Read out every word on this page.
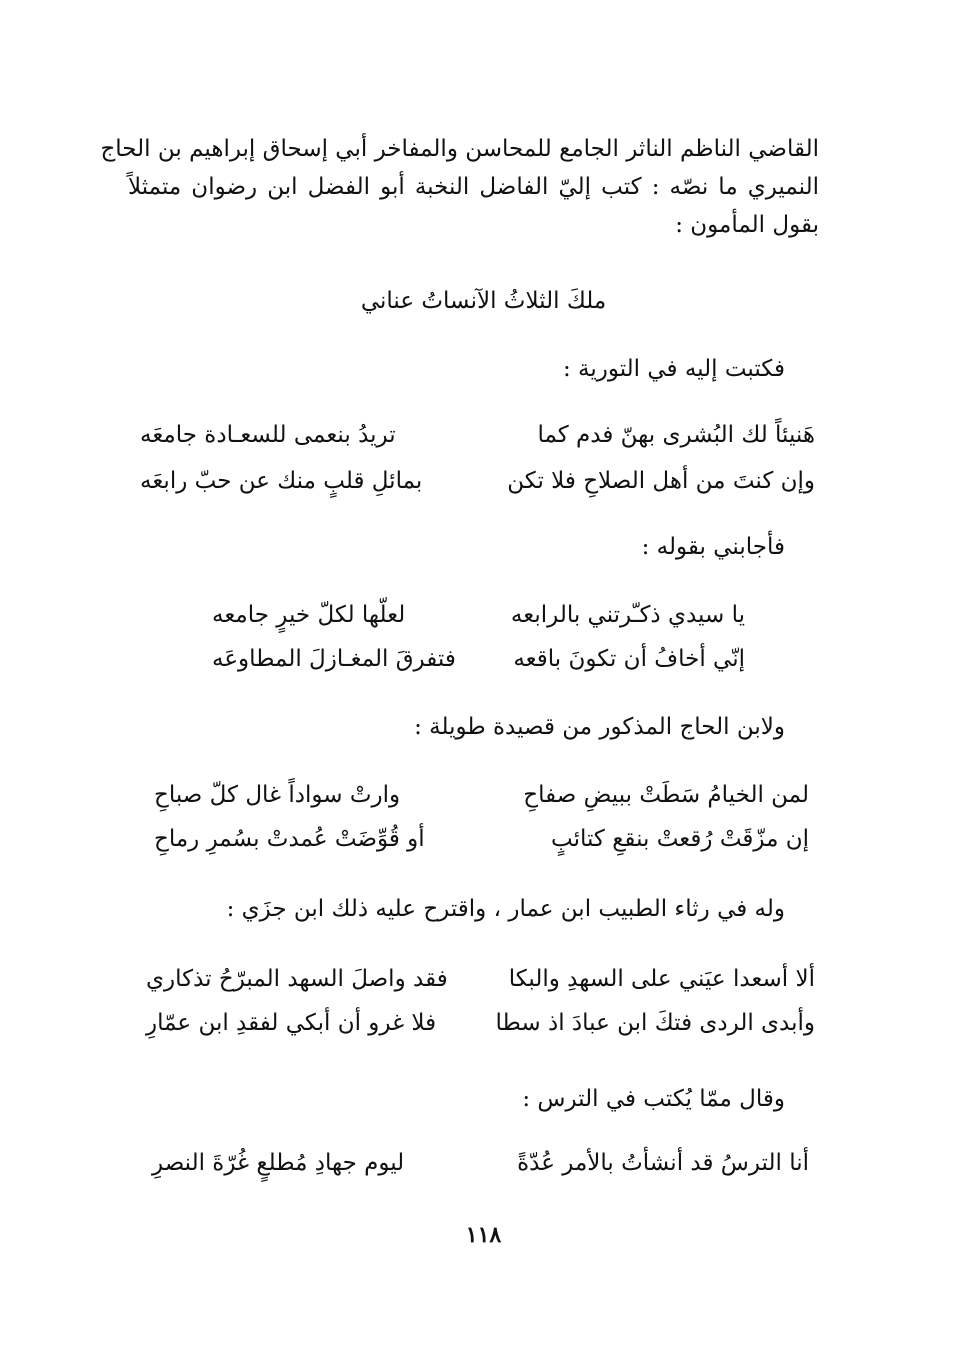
القاضي الناظم الناثر الجامع للمحاسن والمفاخر أبي إسحاق إبراهيم بن الحاج
النميري ما نصّه : كتب إليّ الفاضل النخبة أبو الفضل ابن رضوان متمثلاً
بقول المأمون :
ملكَ الثلاثُ الآنساتُ عناني
فكتبت إليه في التورية :
هَنيئاً لك البُشرى بهنّ فدم كما
تريدُ بنعمى للسعـادة جامعَه
وإن كنتَ من أهل الصلاحِ فلا تكن
بمائلِ قلبٍ منك عن حبّ رابعَه
فأجابني بقوله :
يا سيدي ذكـّرتني بالرابعه
لعلّها لكلّ خيرٍ جامعه
إنّي أخافُ أن تكونَ باقعه
فتفرقَ المغـازلَ المطاوعَه
ولابن الحاج المذكور من قصيدة طويلة :
لمن الخيامُ سَطَتْ ببيضِ صفاحِ
وارتْ سواداً غال كلّ صباحِ
إن مزّقَتْ رُقعتْ بنقعِ كتائبٍ
أو قُوِّضَتْ عُمدتْ بسُمرِ رماحِ
وله في رثاء الطبيب ابن عمار ، واقترح عليه ذلك ابن جزَي :
ألا أسعدا عيَني على السهدِ والبكا
فقد واصلَ السهد المبرّحُ تذكاري
وأبدى الردى فتكَ ابن عبادَ اذ سطا
فلا غرو أن أبكي لفقدِ ابن عمّارِ
وقال ممّا يُكتب في الترس :
أنا الترسُ قد أنشأتُ بالأمر عُدّةً
ليوم جهادِ مُطلعٍ غُرّةَ النصرِ
١١٨
